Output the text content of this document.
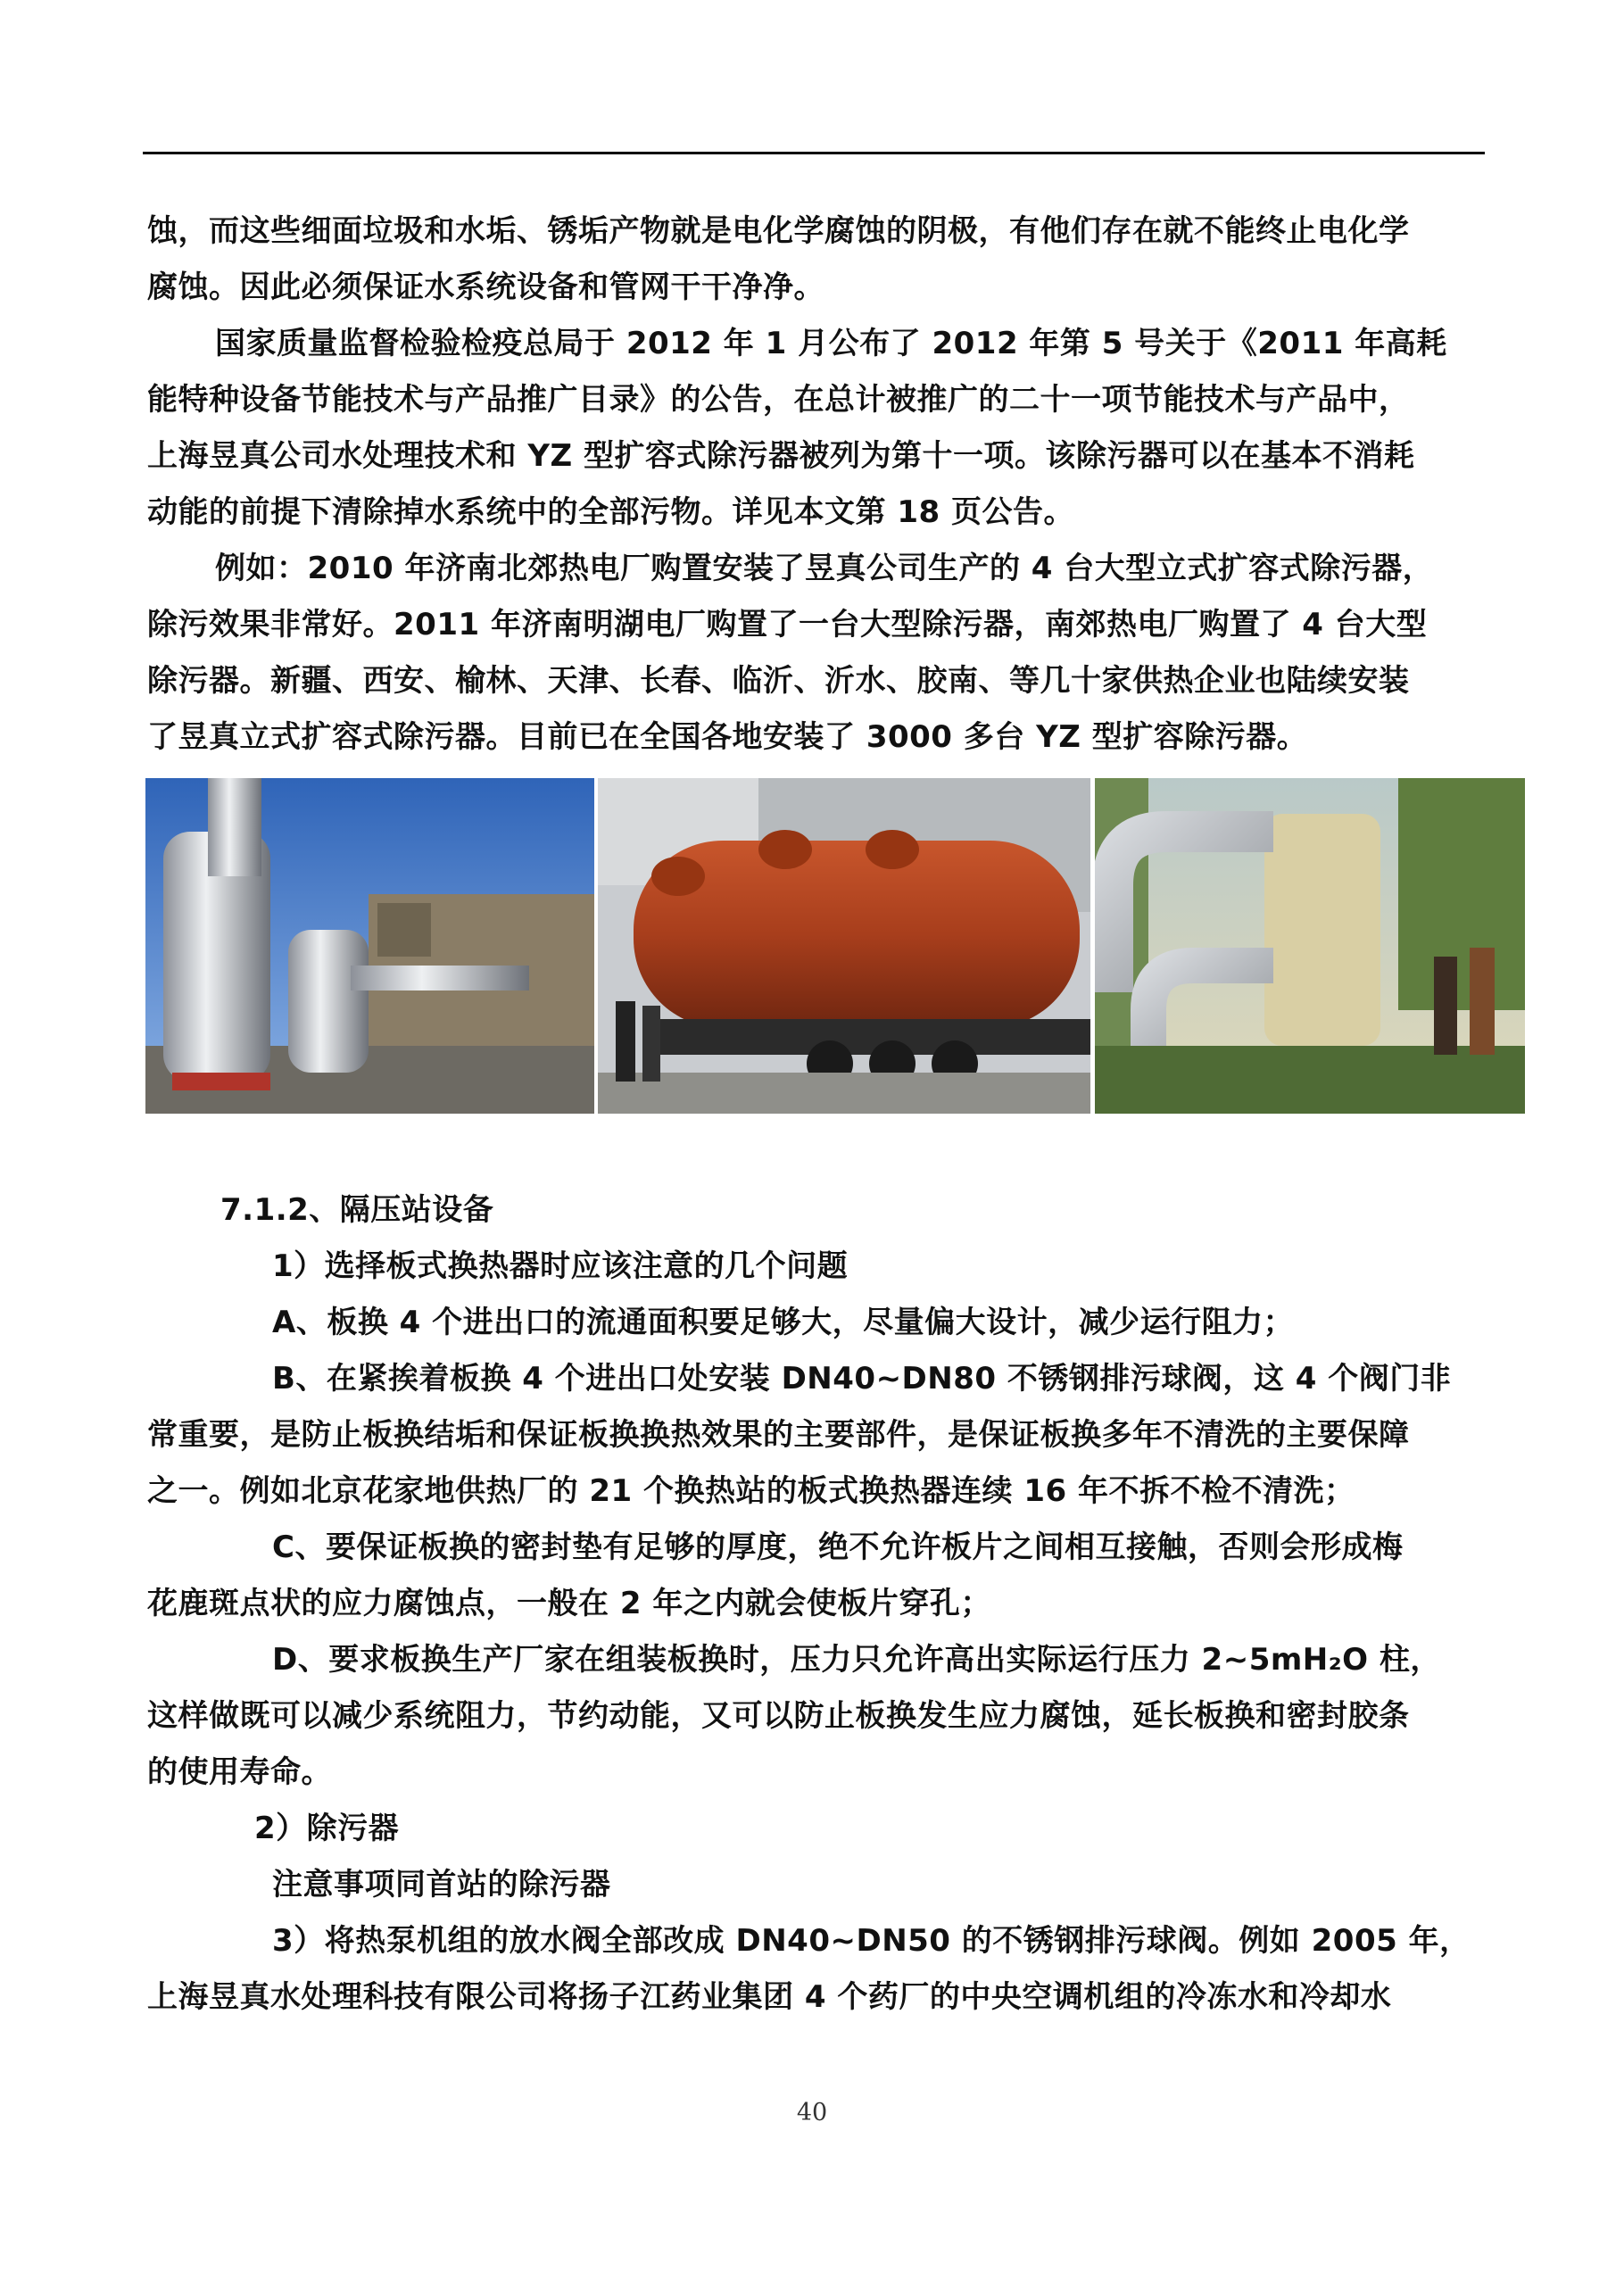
蚀，而这些细面垃圾和水垢、锈垢产物就是电化学腐蚀的阴极，有他们存在就不能终止电化学
腐蚀。因此必须保证水系统设备和管网干干净净。

国家质量监督检验检疫总局于 2012 年 1 月公布了 2012 年第 5 号关于《2011 年高耗
能特种设备节能技术与产品推广目录》的公告，在总计被推广的二十一项节能技术与产品中，
上海昱真公司水处理技术和 YZ 型扩容式除污器被列为第十一项。该除污器可以在基本不消耗
动能的前提下清除掉水系统中的全部污物。详见本文第 18 页公告。

例如：2010 年济南北郊热电厂购置安装了昱真公司生产的 4 台大型立式扩容式除污器，
除污效果非常好。2011 年济南明湖电厂购置了一台大型除污器，南郊热电厂购置了 4 台大型
除污器。新疆、西安、榆林、天津、长春、临沂、沂水、胶南、等几十家供热企业也陆续安装
了昱真立式扩容式除污器。目前已在全国各地安装了 3000 多台 YZ 型扩容除污器。

7.1.2、隔压站设备
1）选择板式换热器时应该注意的几个问题
A、板换 4 个进出口的流通面积要足够大，尽量偏大设计，减少运行阻力；
B、在紧挨着板换 4 个进出口处安装 DN40~DN80 不锈钢排污球阀，这 4 个阀门非
常重要，是防止板换结垢和保证板换换热效果的主要部件，是保证板换多年不清洗的主要保障
之一。例如北京花家地供热厂的 21 个换热站的板式换热器连续 16 年不拆不检不清洗；
C、要保证板换的密封垫有足够的厚度，绝不允许板片之间相互接触，否则会形成梅
花鹿斑点状的应力腐蚀点，一般在 2 年之内就会使板片穿孔；
D、要求板换生产厂家在组装板换时，压力只允许高出实际运行压力 2~5mH₂O 柱，
这样做既可以减少系统阻力，节约动能，又可以防止板换发生应力腐蚀，延长板换和密封胶条
的使用寿命。
2）除污器
注意事项同首站的除污器
3）将热泵机组的放水阀全部改成 DN40~DN50 的不锈钢排污球阀。例如 2005 年，
上海昱真水处理科技有限公司将扬子江药业集团 4 个药厂的中央空调机组的冷冻水和冷却水

40
